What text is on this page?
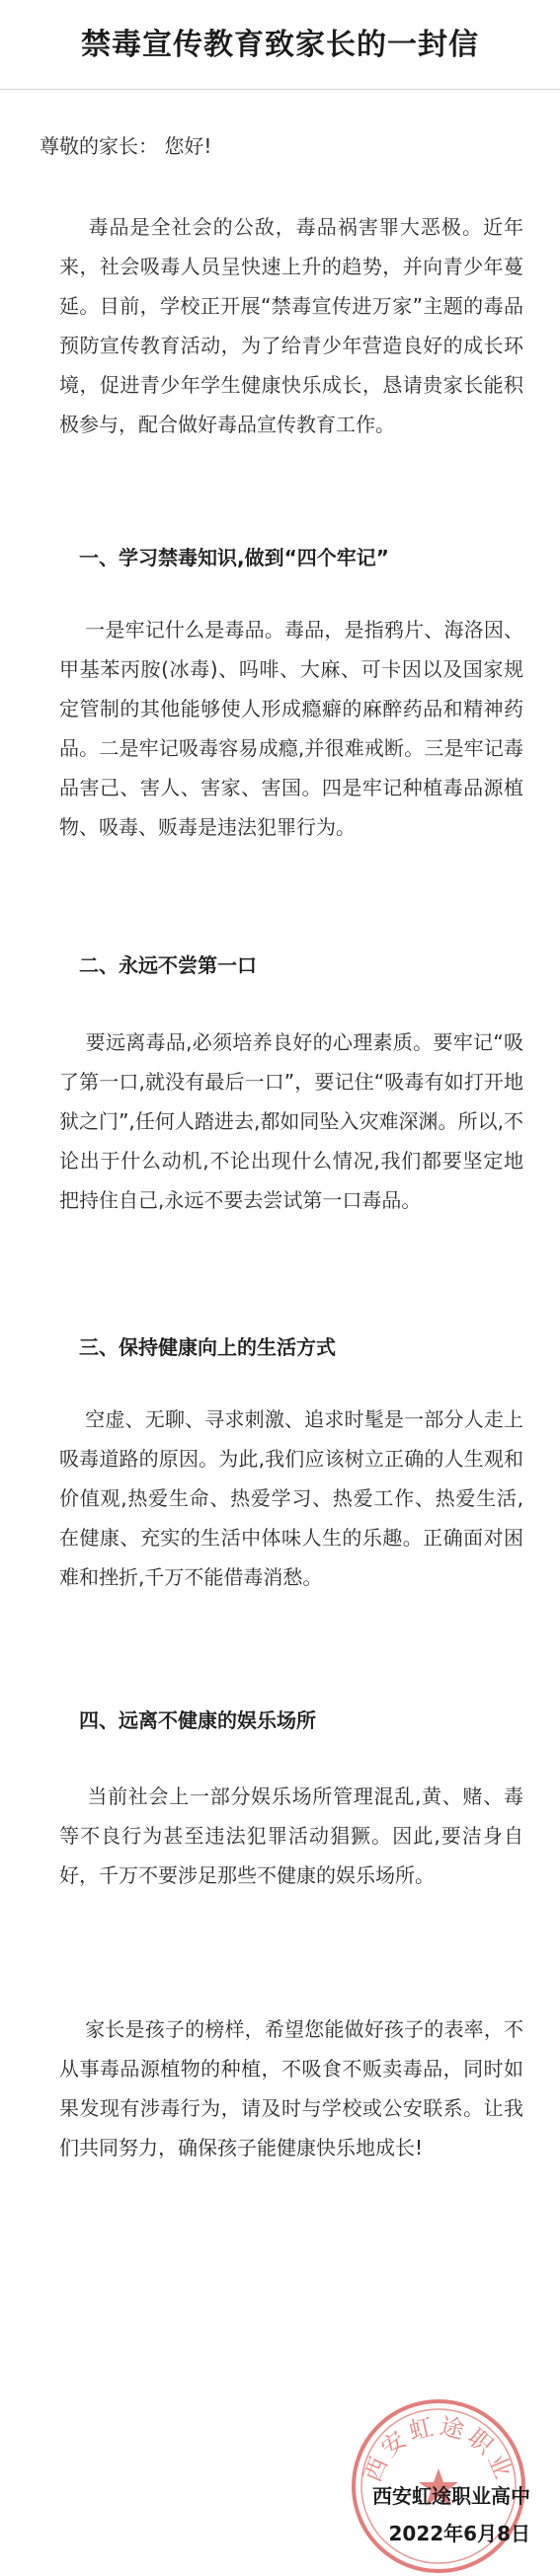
禁毒宣传教育致家长的一封信
尊敬的家长： 您好!

毒品是全社会的公敌，毒品祸害罪大恶极。近年来，社会吸毒人员呈快速上升的趋势，并向青少年蔓延。目前，学校正开展“禁毒宣传进万家”主题的毒品预防宣传教育活动，为了给青少年营造良好的成长环境，促进青少年学生健康快乐成长，恳请贵家长能积极参与，配合做好毒品宣传教育工作。

一、学习禁毒知识,做到“四个牢记”

一是牢记什么是毒品。毒品，是指鸦片、海洛因、甲基苯丙胺(冰毒)、吗啡、大麻、可卡因以及国家规定管制的其他能够使人形成瘾癖的麻醉药品和精神药品。二是牢记吸毒容易成瘾,并很难戒断。三是牢记毒品害己、害人、害家、害国。四是牢记种植毒品源植物、吸毒、贩毒是违法犯罪行为。

二、永远不尝第一口

要远离毒品,必须培养良好的心理素质。要牢记“吸了第一口,就没有最后一口”，要记住“吸毒有如打开地狱之门”,任何人踏进去,都如同坠入灾难深渊。所以,不论出于什么动机,不论出现什么情况,我们都要坚定地把持住自己,永远不要去尝试第一口毒品。

三、保持健康向上的生活方式

空虚、无聊、寻求刺激、追求时髦是一部分人走上吸毒道路的原因。为此,我们应该树立正确的人生观和价值观,热爱生命、热爱学习、热爱工作、热爱生活,在健康、充实的生活中体味人生的乐趣。正确面对困难和挫折,千万不能借毒消愁。

四、远离不健康的娱乐场所

当前社会上一部分娱乐场所管理混乱,黄、赌、毒等不良行为甚至违法犯罪活动猖獗。因此,要洁身自好，千万不要涉足那些不健康的娱乐场所。

家长是孩子的榜样，希望您能做好孩子的表率，不从事毒品源植物的种植，不吸食不贩卖毒品，同时如果发现有涉毒行为，请及时与学校或公安联系。让我们共同努力，确保孩子能健康快乐地成长!

西安虹途职业
西安虹途职业高中
2022年6月8日
